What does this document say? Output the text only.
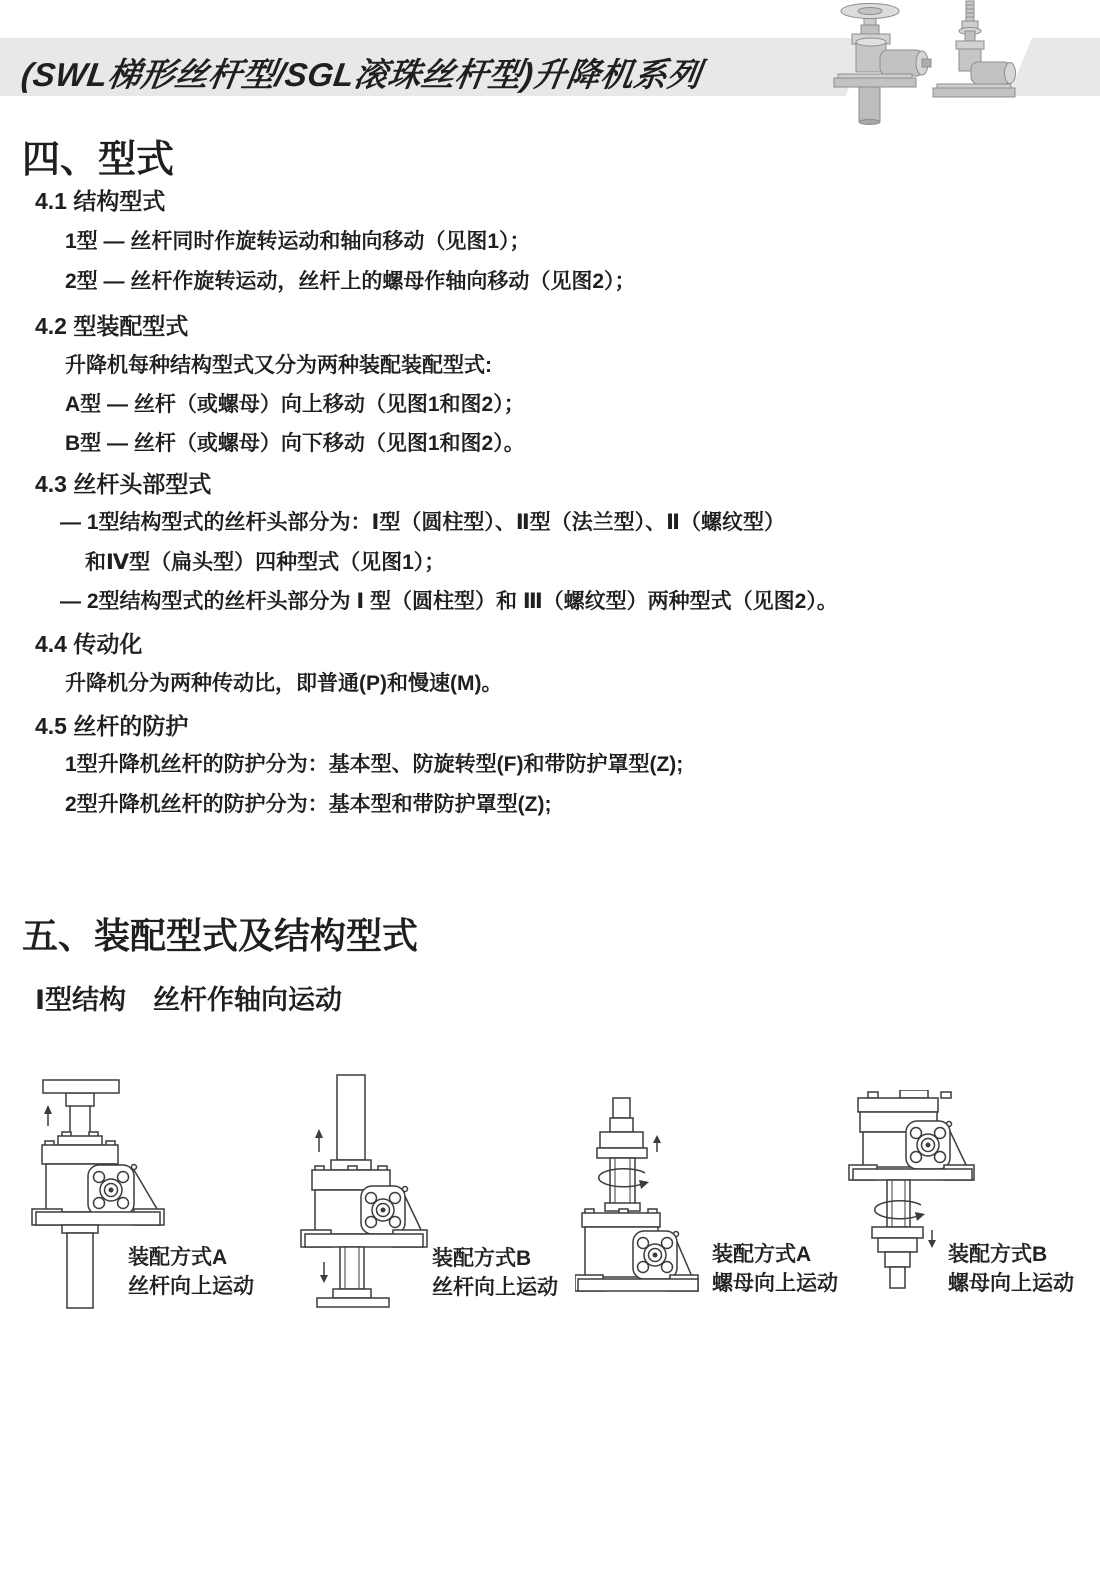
(SWL梯形丝杆型/SGL滚珠丝杆型)升降机系列
四、型式
4.1 结构型式

1型 — 丝杆同时作旋转运动和轴向移动（见图1）；

2型 — 丝杆作旋转运动，丝杆上的螺母作轴向移动（见图2）；

4.2 型装配型式

升降机每种结构型式又分为两种装配装配型式:

A型 — 丝杆（或螺母）向上移动（见图1和图2）；

B型 — 丝杆（或螺母）向下移动（见图1和图2）。

4.3 丝杆头部型式

— 1型结构型式的丝杆头部分为：Ⅰ型（圆柱型）、Ⅱ型（法兰型）、Ⅱ（螺纹型）

和Ⅳ型（扁头型）四种型式（见图1）；

— 2型结构型式的丝杆头部分为 Ⅰ 型（圆柱型）和 Ⅲ（螺纹型）两种型式（见图2）。

4.4 传动化

升降机分为两种传动比，即普通(P)和慢速(M)。

4.5 丝杆的防护

1型升降机丝杆的防护分为：基本型、防旋转型(F)和带防护罩型(Z);

2型升降机丝杆的防护分为：基本型和带防护罩型(Z);

五、装配型式及结构型式
Ⅰ型结构　丝杆作轴向运动
装配方式A
丝杆向上运动
装配方式B
丝杆向上运动
装配方式A
螺母向上运动
装配方式B
螺母向上运动
